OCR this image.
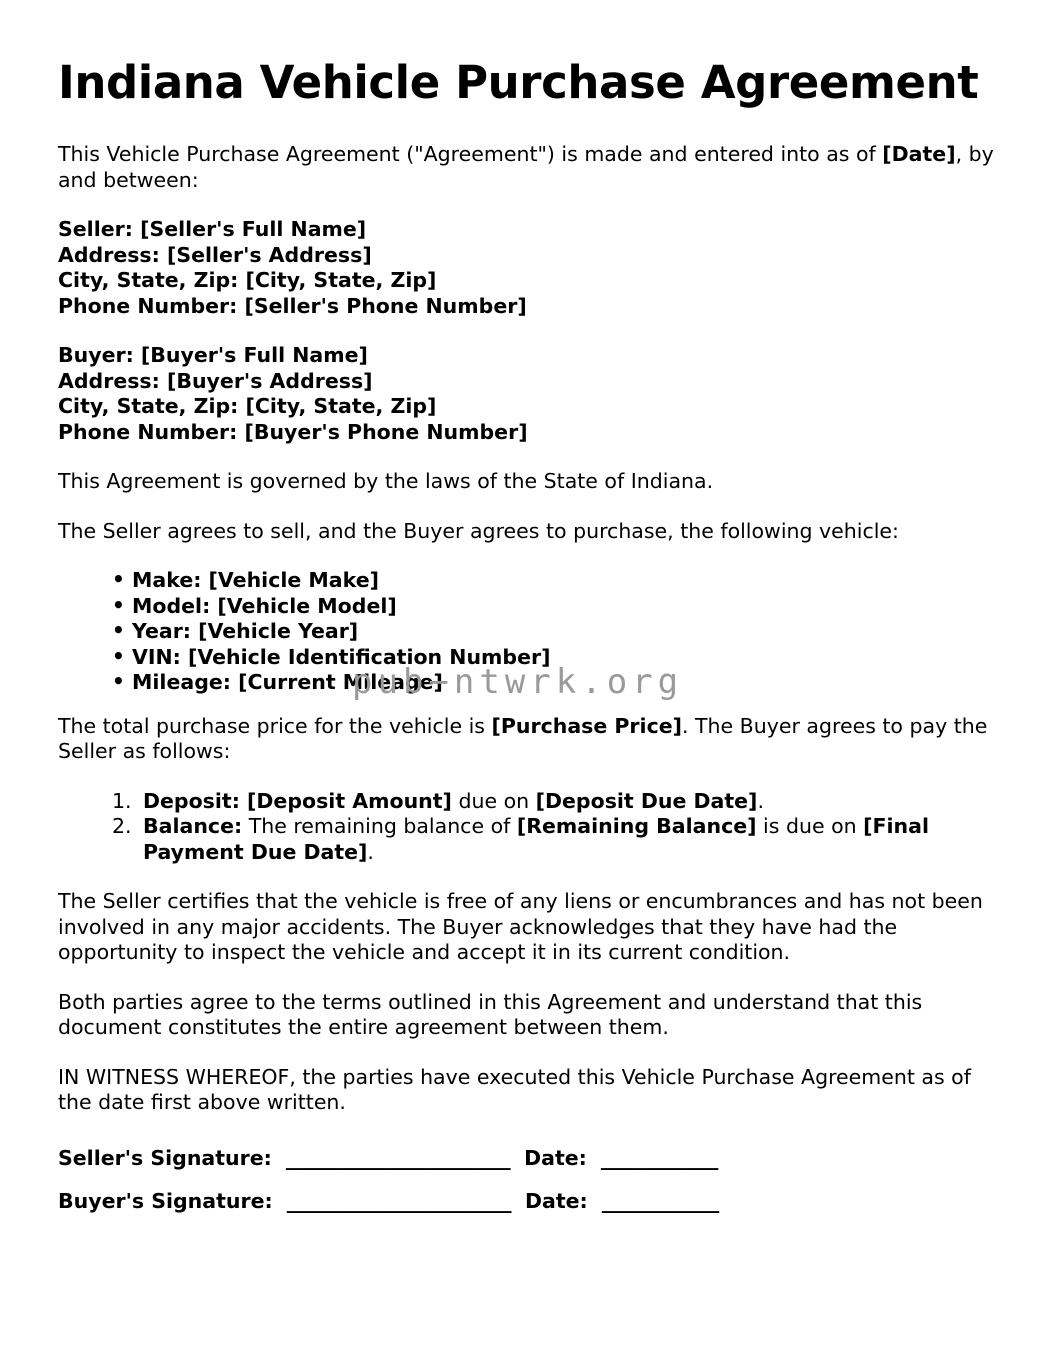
Indiana Vehicle Purchase Agreement

This Vehicle Purchase Agreement ("Agreement") is made and entered into as of [Date], by and between:

Seller: [Seller's Full Name]
Address: [Seller's Address]
City, State, Zip: [City, State, Zip]
Phone Number: [Seller's Phone Number]
Buyer: [Buyer's Full Name]
Address: [Buyer's Address]
City, State, Zip: [City, State, Zip]
Phone Number: [Buyer's Phone Number]

This Agreement is governed by the laws of the State of Indiana.

The Seller agrees to sell, and the Buyer agrees to purchase, the following vehicle:

• Make: [Vehicle Make]
• Model: [Vehicle Model]
• Year: [Vehicle Year]
• VIN: [Vehicle Identification Number]
• Mileage: [Current Mileage]

The total purchase price for the vehicle is [Purchase Price]. The Buyer agrees to pay the Seller as follows:

Deposit: [Deposit Amount] due on [Deposit Due Date].
Balance: The remaining balance of [Remaining Balance] is due on [Final Payment Due Date].

The Seller certifies that the vehicle is free of any liens or encumbrances and has not been involved in any major accidents. The Buyer acknowledges that they have had the opportunity to inspect the vehicle and accept it in its current condition.

Both parties agree to the terms outlined in this Agreement and understand that this document constitutes the entire agreement between them.

IN WITNESS WHEREOF, the parties have executed this Vehicle Purchase Agreement as of the date first above written.

Seller's Signature: _______________________ Date: ____________
Buyer's Signature: _______________________ Date: ____________
pub−ntwrk.org
